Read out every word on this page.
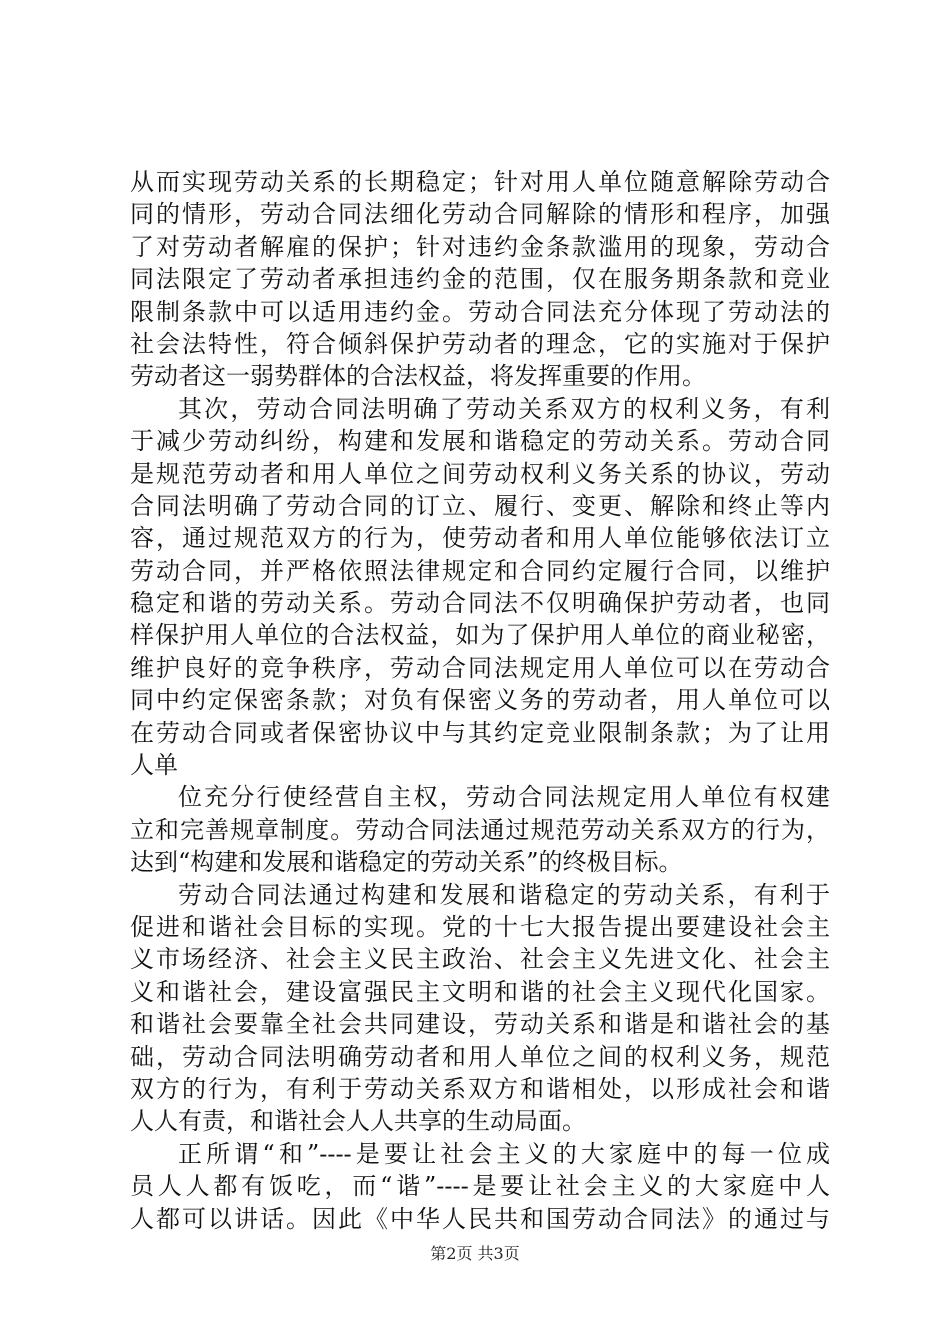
从而实现劳动关系的长期稳定；针对用人单位随意解除劳动合
同的情形，劳动合同法细化劳动合同解除的情形和程序，加强
了对劳动者解雇的保护；针对违约金条款滥用的现象，劳动合
同法限定了劳动者承担违约金的范围，仅在服务期条款和竞业
限制条款中可以适用违约金。劳动合同法充分体现了劳动法的
社会法特性，符合倾斜保护劳动者的理念，它的实施对于保护
劳动者这一弱势群体的合法权益，将发挥重要的作用。
其次，劳动合同法明确了劳动关系双方的权利义务，有利
于减少劳动纠纷，构建和发展和谐稳定的劳动关系。劳动合同
是规范劳动者和用人单位之间劳动权利义务关系的协议，劳动
合同法明确了劳动合同的订立、履行、变更、解除和终止等内
容，通过规范双方的行为，使劳动者和用人单位能够依法订立
劳动合同，并严格依照法律规定和合同约定履行合同，以维护
稳定和谐的劳动关系。劳动合同法不仅明确保护劳动者，也同
样保护用人单位的合法权益，如为了保护用人单位的商业秘密，
维护良好的竞争秩序，劳动合同法规定用人单位可以在劳动合
同中约定保密条款；对负有保密义务的劳动者，用人单位可以
在劳动合同或者保密协议中与其约定竞业限制条款；为了让用
人单
位充分行使经营自主权，劳动合同法规定用人单位有权建
立和完善规章制度。劳动合同法通过规范劳动关系双方的行为，
达到“构建和发展和谐稳定的劳动关系”的终极目标。
劳动合同法通过构建和发展和谐稳定的劳动关系，有利于
促进和谐社会目标的实现。党的十七大报告提出要建设社会主
义市场经济、社会主义民主政治、社会主义先进文化、社会主
义和谐社会，建设富强民主文明和谐的社会主义现代化国家。
和谐社会要靠全社会共同建设，劳动关系和谐是和谐社会的基
础，劳动合同法明确劳动者和用人单位之间的权利义务，规范
双方的行为，有利于劳动关系双方和谐相处，以形成社会和谐
人人有责，和谐社会人人共享的生动局面。
正所谓“和”----是要让社会主义的大家庭中的每一位成
员人人都有饭吃，而“谐”----是要让社会主义的大家庭中人
人都可以讲话。因此《中华人民共和国劳动合同法》的通过与
第2页 共3页
